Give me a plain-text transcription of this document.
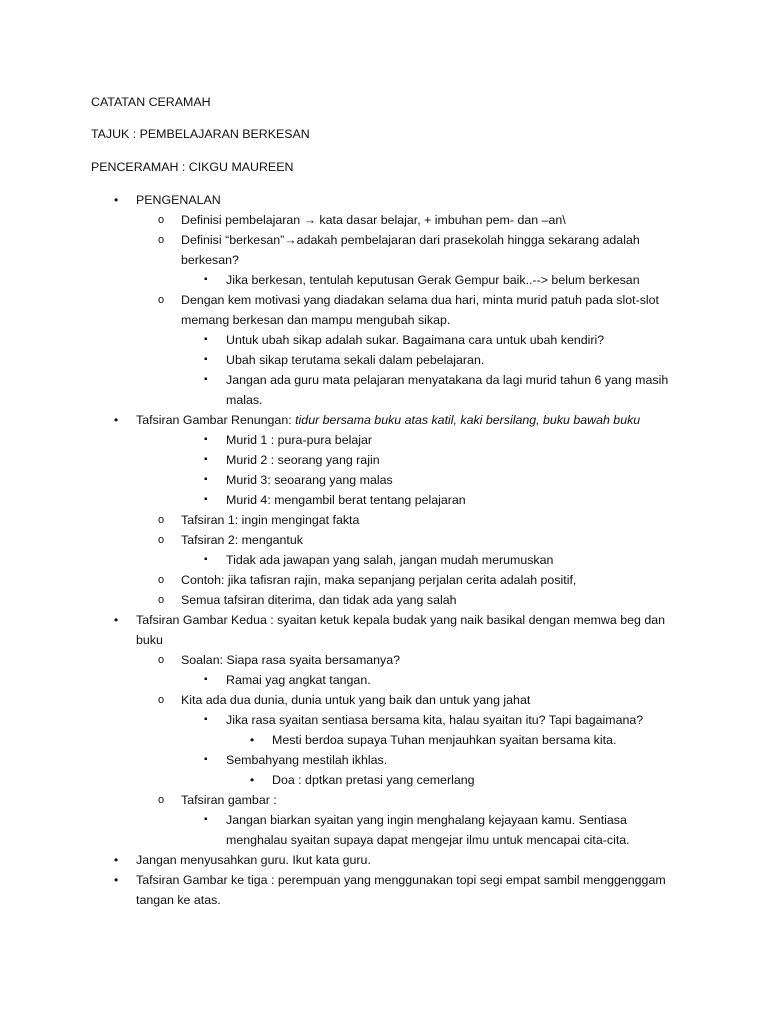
CATATAN CERAMAH
TAJUK : PEMBELAJARAN BERKESAN
PENCERAMAH : CIKGU MAUREEN
• PENGENALAN
o Definisi pembelajaran → kata dasar belajar, + imbuhan pem- dan –an\
o Definisi “berkesan”→adakah pembelajaran dari prasekolah hingga sekarang adalah
berkesan?
▪ Jika berkesan, tentulah keputusan Gerak Gempur baik..--> belum berkesan
o Dengan kem motivasi yang diadakan selama dua hari, minta murid patuh pada slot-slot
memang berkesan dan mampu mengubah sikap.
▪ Untuk ubah sikap adalah sukar. Bagaimana cara untuk ubah kendiri?
▪ Ubah sikap terutama sekali dalam pebelajaran.
▪ Jangan ada guru mata pelajaran menyatakana da lagi murid tahun 6 yang masih
malas.
• Tafsiran Gambar Renungan: tidur bersama buku atas katil, kaki bersilang, buku bawah buku
▪ Murid 1 : pura-pura belajar
▪ Murid 2 : seorang yang rajin
▪ Murid 3: seoarang yang malas
▪ Murid 4: mengambil berat tentang pelajaran
o Tafsiran 1: ingin mengingat fakta
o Tafsiran 2: mengantuk
▪ Tidak ada jawapan yang salah, jangan mudah merumuskan
o Contoh: jika tafisran rajin, maka sepanjang perjalan cerita adalah positif,
o Semua tafsiran diterima, dan tidak ada yang salah
• Tafsiran Gambar Kedua : syaitan ketuk kepala budak yang naik basikal dengan memwa beg dan
buku
o Soalan: Siapa rasa syaita bersamanya?
▪ Ramai yag angkat tangan.
o Kita ada dua dunia, dunia untuk yang baik dan untuk yang jahat
▪ Jika rasa syaitan sentiasa bersama kita, halau syaitan itu? Tapi bagaimana?
• Mesti berdoa supaya Tuhan menjauhkan syaitan bersama kita.
▪ Sembahyang mestilah ikhlas.
• Doa : dptkan pretasi yang cemerlang
o Tafsiran gambar :
▪ Jangan biarkan syaitan yang ingin menghalang kejayaan kamu. Sentiasa
menghalau syaitan supaya dapat mengejar ilmu untuk mencapai cita-cita.
• Jangan menyusahkan guru. Ikut kata guru.
• Tafsiran Gambar ke tiga : perempuan yang menggunakan topi segi empat sambil menggenggam
tangan ke atas.
